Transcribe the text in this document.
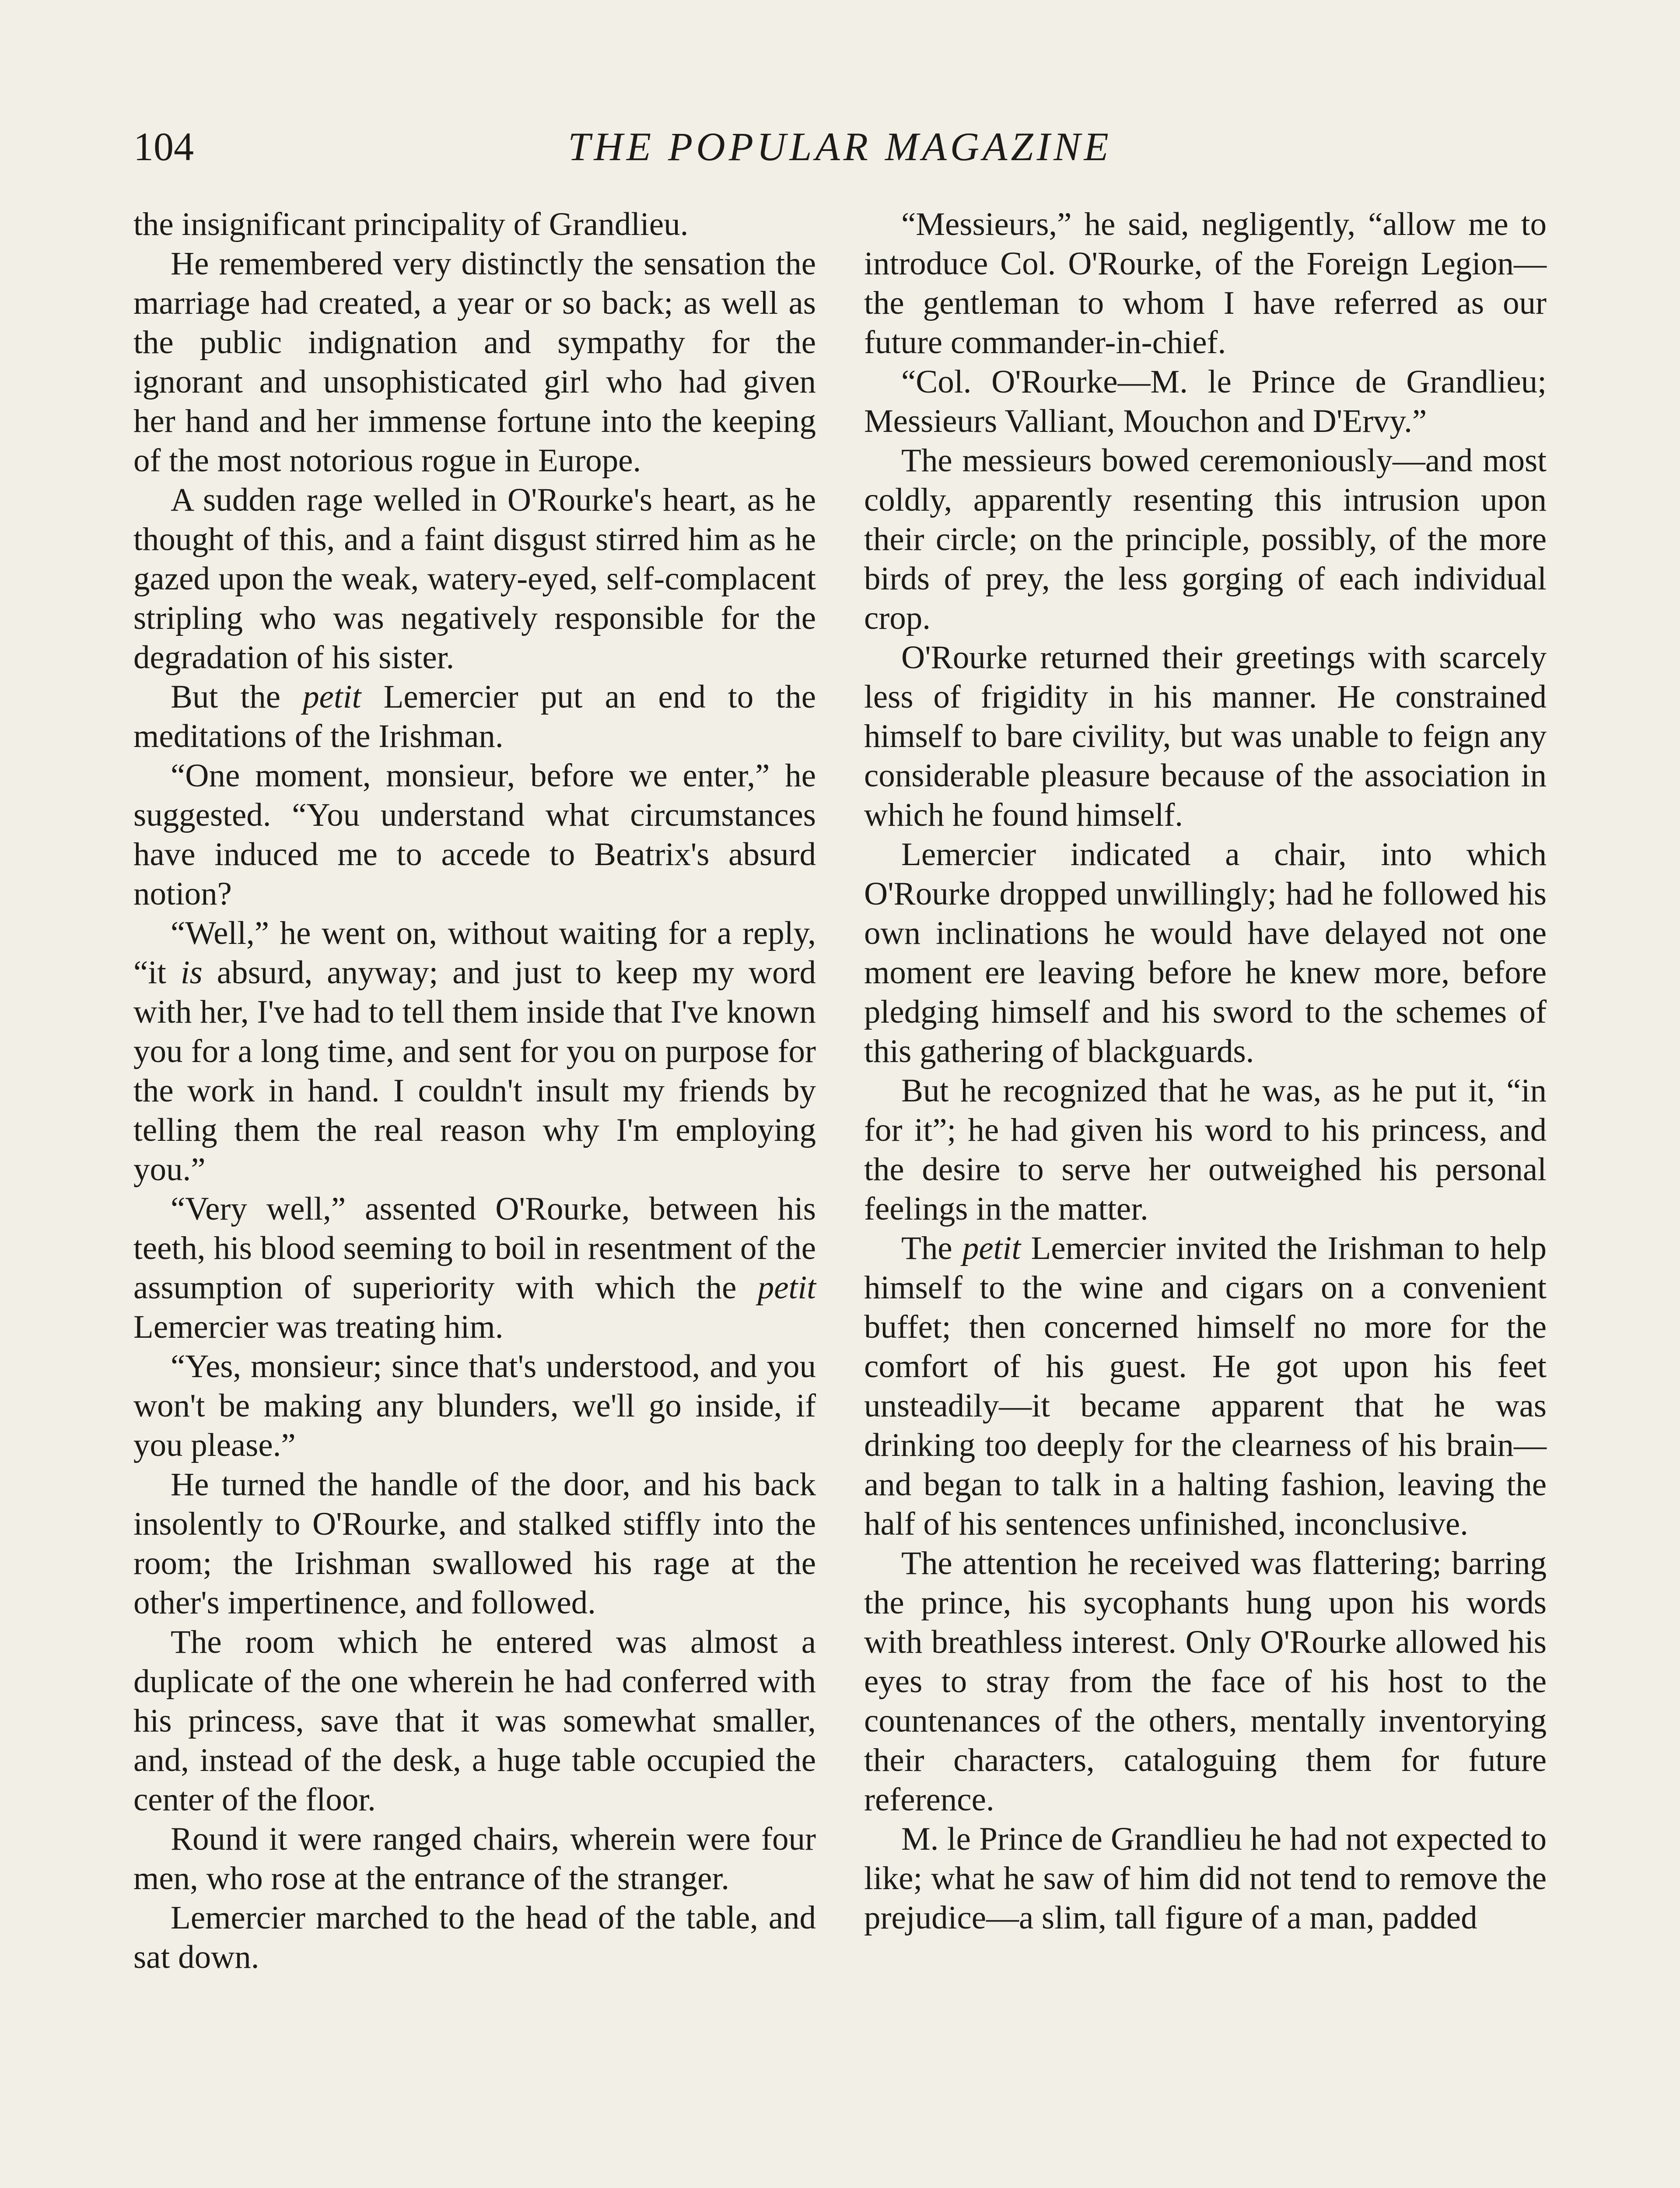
104	THE POPULAR MAGAZINE

the insignificant principality of Grandlieu.

He remembered very distinctly the sensation the marriage had created, a year or so back; as well as the public indignation and sympathy for the ignorant and unsophisticated girl who had given her hand and her immense fortune into the keeping of the most notorious rogue in Europe.

A sudden rage welled in O'Rourke's heart, as he thought of this, and a faint disgust stirred him as he gazed upon the weak, watery-eyed, self-complacent stripling who was negatively responsible for the degradation of his sister.

But the petit Lemercier put an end to the meditations of the Irishman.

“One moment, monsieur, before we enter,” he suggested. “You understand what circumstances have induced me to accede to Beatrix's absurd notion?

“Well,” he went on, without waiting for a reply, “it is absurd, anyway; and just to keep my word with her, I've had to tell them inside that I've known you for a long time, and sent for you on purpose for the work in hand. I couldn't insult my friends by telling them the real reason why I'm employing you.”

“Very well,” assented O'Rourke, between his teeth, his blood seeming to boil in resentment of the assumption of superiority with which the petit Lemercier was treating him.

“Yes, monsieur; since that's understood, and you won't be making any blunders, we'll go inside, if you please.”

He turned the handle of the door, and his back insolently to O'Rourke, and stalked stiffly into the room; the Irishman swallowed his rage at the other's impertinence, and followed.

The room which he entered was almost a duplicate of the one wherein he had conferred with his princess, save that it was somewhat smaller, and, instead of the desk, a huge table occupied the center of the floor.

Round it were ranged chairs, wherein were four men, who rose at the entrance of the stranger.

Lemercier marched to the head of the table, and sat down.

“Messieurs,” he said, negligently, “allow me to introduce Col. O'Rourke, of the Foreign Legion—the gentleman to whom I have referred as our future commander-in-chief.

“Col. O'Rourke—M. le Prince de Grandlieu; Messieurs Valliant, Mouchon and D'Ervy.”

The messieurs bowed ceremoniously—and most coldly, apparently resenting this intrusion upon their circle; on the principle, possibly, of the more birds of prey, the less gorging of each individual crop.

O'Rourke returned their greetings with scarcely less of frigidity in his manner. He constrained himself to bare civility, but was unable to feign any considerable pleasure because of the association in which he found himself.

Lemercier indicated a chair, into which O'Rourke dropped unwillingly; had he followed his own inclinations he would have delayed not one moment ere leaving before he knew more, before pledging himself and his sword to the schemes of this gathering of blackguards.

But he recognized that he was, as he put it, “in for it”; he had given his word to his princess, and the desire to serve her outweighed his personal feelings in the matter.

The petit Lemercier invited the Irishman to help himself to the wine and cigars on a convenient buffet; then concerned himself no more for the comfort of his guest. He got upon his feet unsteadily—it became apparent that he was drinking too deeply for the clearness of his brain—and began to talk in a halting fashion, leaving the half of his sentences unfinished, inconclusive.

The attention he received was flattering; barring the prince, his sycophants hung upon his words with breathless interest. Only O'Rourke allowed his eyes to stray from the face of his host to the countenances of the others, mentally inventorying their characters, cataloguing them for future reference.

M. le Prince de Grandlieu he had not expected to like; what he saw of him did not tend to remove the prejudice—a slim, tall figure of a man, padded
